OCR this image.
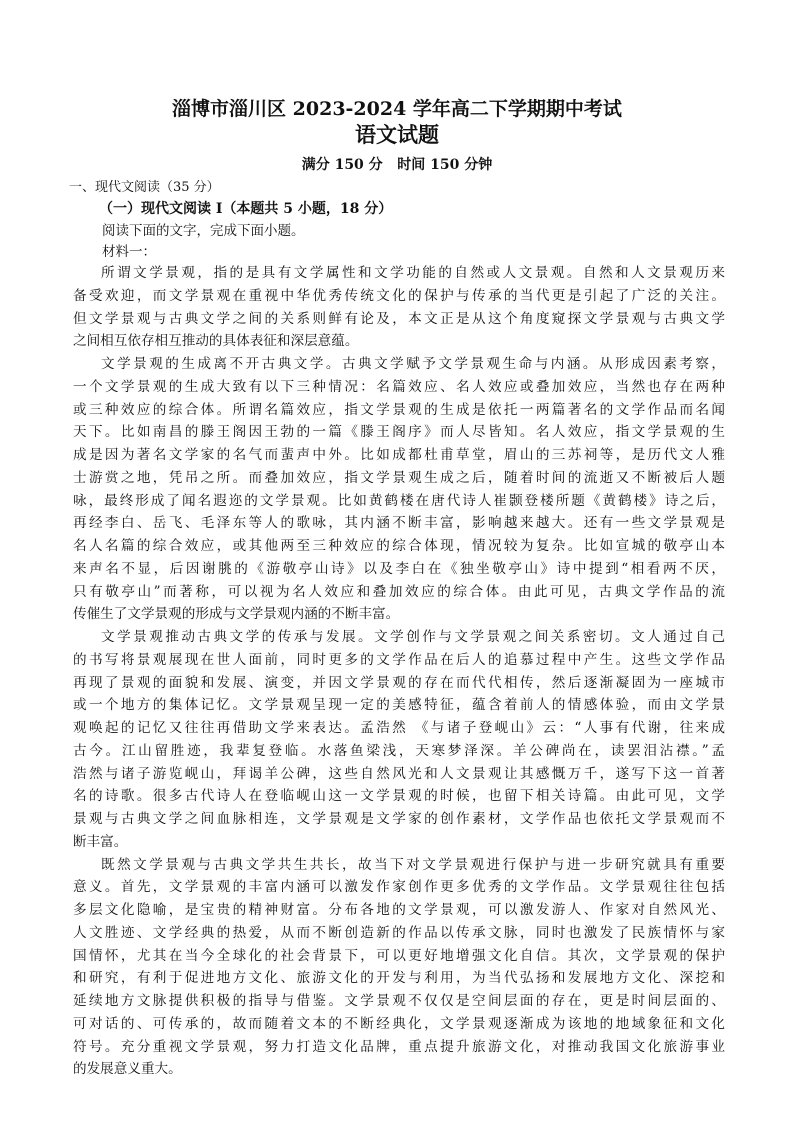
淄博市淄川区 2023-2024 学年高二下学期期中考试
语文试题
满分 150 分   时间 150 分钟
一、现代文阅读（35 分）
（一）现代文阅读 I（本题共 5 小题，18 分）
阅读下面的文字，完成下面小题。
材料一：
所谓文学景观，指的是具有文学属性和文学功能的自然或人文景观。自然和人文景观历来
备受欢迎，而文学景观在重视中华优秀传统文化的保护与传承的当代更是引起了广泛的关注。
但文学景观与古典文学之间的关系则鲜有论及，本文正是从这个角度窥探文学景观与古典文学
之间相互依存相互推动的具体表征和深层意蕴。
文学景观的生成离不开古典文学。古典文学赋予文学景观生命与内涵。从形成因素考察，
一个文学景观的生成大致有以下三种情况：名篇效应、名人效应或叠加效应，当然也存在两种
或三种效应的综合体。所谓名篇效应，指文学景观的生成是依托一两篇著名的文学作品而名闻
天下。比如南昌的滕王阁因王勃的一篇《滕王阁序》而人尽皆知。名人效应，指文学景观的生
成是因为著名文学家的名气而蜚声中外。比如成都杜甫草堂，眉山的三苏祠等，是历代文人雅
士游赏之地，凭吊之所。而叠加效应，指文学景观生成之后，随着时间的流逝又不断被后人题
咏，最终形成了闻名遐迩的文学景观。比如黄鹤楼在唐代诗人崔颢登楼所题《黄鹤楼》诗之后，
再经李白、岳飞、毛泽东等人的歌咏，其内涵不断丰富，影响越来越大。还有一些文学景观是
名人名篇的综合效应，或其他两至三种效应的综合体现，情况较为复杂。比如宣城的敬亭山本
来声名不显，后因谢朓的《游敬亭山诗》以及李白在《独坐敬亭山》诗中提到“相看两不厌，
只有敬亭山”而著称，可以视为名人效应和叠加效应的综合体。由此可见，古典文学作品的流
传催生了文学景观的形成与文学景观内涵的不断丰富。
文学景观推动古典文学的传承与发展。文学创作与文学景观之间关系密切。文人通过自己
的书写将景观展现在世人面前，同时更多的文学作品在后人的追慕过程中产生。这些文学作品
再现了景观的面貌和发展、演变，并因文学景观的存在而代代相传，然后逐渐凝固为一座城市
或一个地方的集体记忆。文学景观呈现一定的美感特征，蕴含着前人的情感体验，而由文学景
观唤起的记忆又往往再借助文学来表达。孟浩然 《与诸子登岘山》云：“人事有代谢，往来成
古今。江山留胜迹，我辈复登临。水落鱼梁浅，天寒梦泽深。羊公碑尚在，读罢泪沾襟。”孟
浩然与诸子游览岘山，拜谒羊公碑，这些自然风光和人文景观让其感慨万千，遂写下这一首著
名的诗歌。很多古代诗人在登临岘山这一文学景观的时候，也留下相关诗篇。由此可见，文学
景观与古典文学之间血脉相连，文学景观是文学家的创作素材，文学作品也依托文学景观而不
断丰富。
既然文学景观与古典文学共生共长，故当下对文学景观进行保护与进一步研究就具有重要
意义。首先，文学景观的丰富内涵可以激发作家创作更多优秀的文学作品。文学景观往往包括
多层文化隐喻，是宝贵的精神财富。分布各地的文学景观，可以激发游人、作家对自然风光、
人文胜迹、文学经典的热爱，从而不断创造新的作品以传承文脉，同时也激发了民族情怀与家
国情怀，尤其在当今全球化的社会背景下，可以更好地增强文化自信。其次，文学景观的保护
和研究，有利于促进地方文化、旅游文化的开发与利用，为当代弘扬和发展地方文化、深挖和
延续地方文脉提供积极的指导与借鉴。文学景观不仅仅是空间层面的存在，更是时间层面的、
可对话的、可传承的，故而随着文本的不断经典化，文学景观逐渐成为该地的地域象征和文化
符号。充分重视文学景观，努力打造文化品牌，重点提升旅游文化，对推动我国文化旅游事业
的发展意义重大。
